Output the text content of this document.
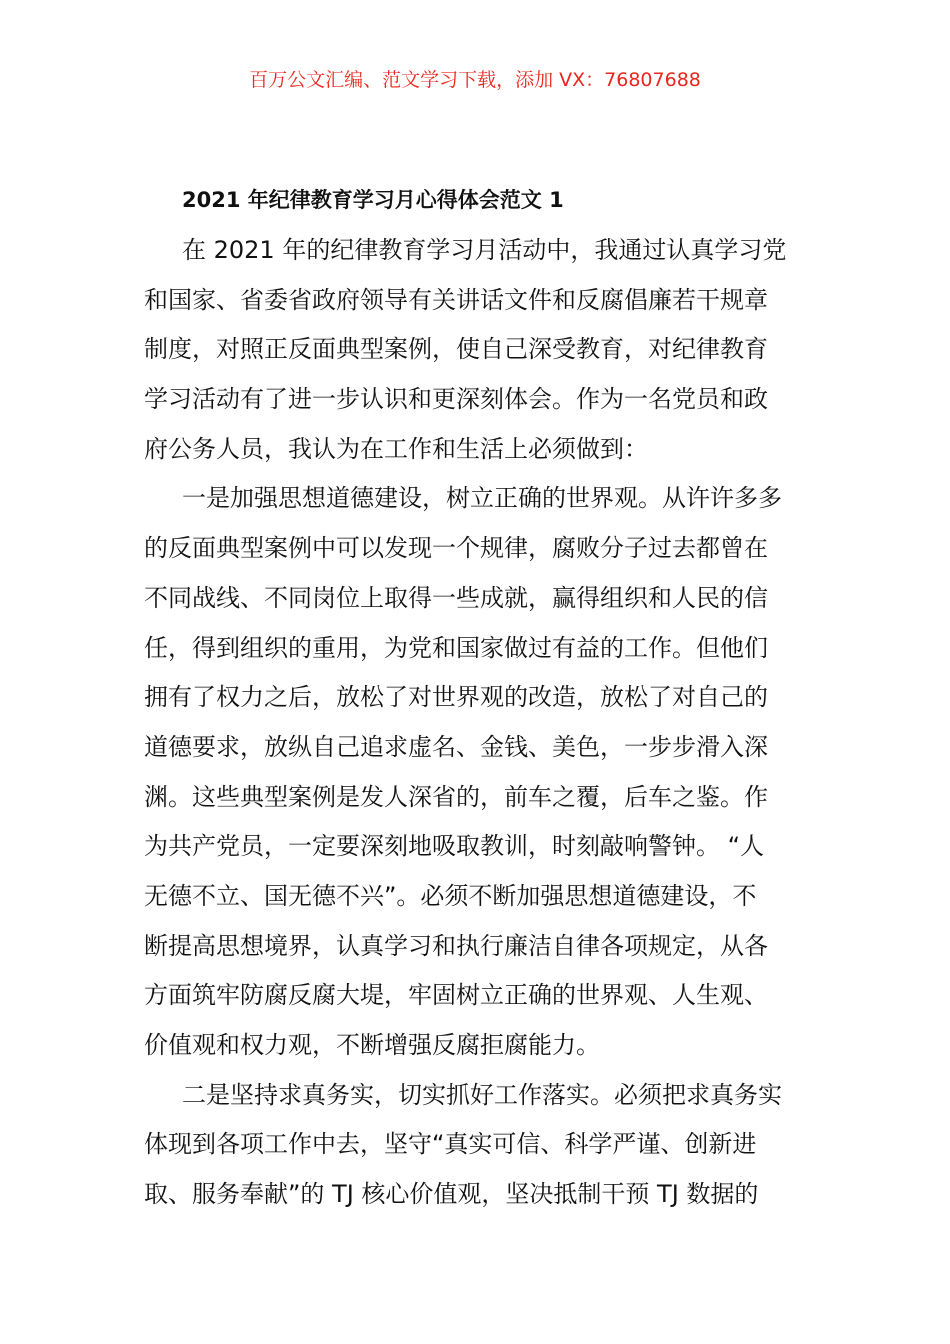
百万公文汇编、范文学习下载，添加 VX：76807688
2021 年纪律教育学习月心得体会范文 1
在 2021 年的纪律教育学习月活动中，我通过认真学习党
和国家、省委省政府领导有关讲话文件和反腐倡廉若干规章
制度，对照正反面典型案例，使自己深受教育，对纪律教育
学习活动有了进一步认识和更深刻体会。作为一名党员和政
府公务人员，我认为在工作和生活上必须做到：
一是加强思想道德建设，树立正确的世界观。从许许多多
的反面典型案例中可以发现一个规律，腐败分子过去都曾在
不同战线、不同岗位上取得一些成就，赢得组织和人民的信
任，得到组织的重用，为党和国家做过有益的工作。但他们
拥有了权力之后，放松了对世界观的改造，放松了对自己的
道德要求，放纵自己追求虚名、金钱、美色，一步步滑入深
渊。这些典型案例是发人深省的，前车之覆，后车之鉴。作
为共产党员，一定要深刻地吸取教训，时刻敲响警钟。 “人
无德不立、国无德不兴”。必须不断加强思想道德建设，不
断提高思想境界，认真学习和执行廉洁自律各项规定，从各
方面筑牢防腐反腐大堤，牢固树立正确的世界观、人生观、
价值观和权力观，不断增强反腐拒腐能力。
二是坚持求真务实，切实抓好工作落实。必须把求真务实
体现到各项工作中去，坚守“真实可信、科学严谨、创新进
取、服务奉献”的 TJ 核心价值观，坚决抵制干预 TJ 数据的
